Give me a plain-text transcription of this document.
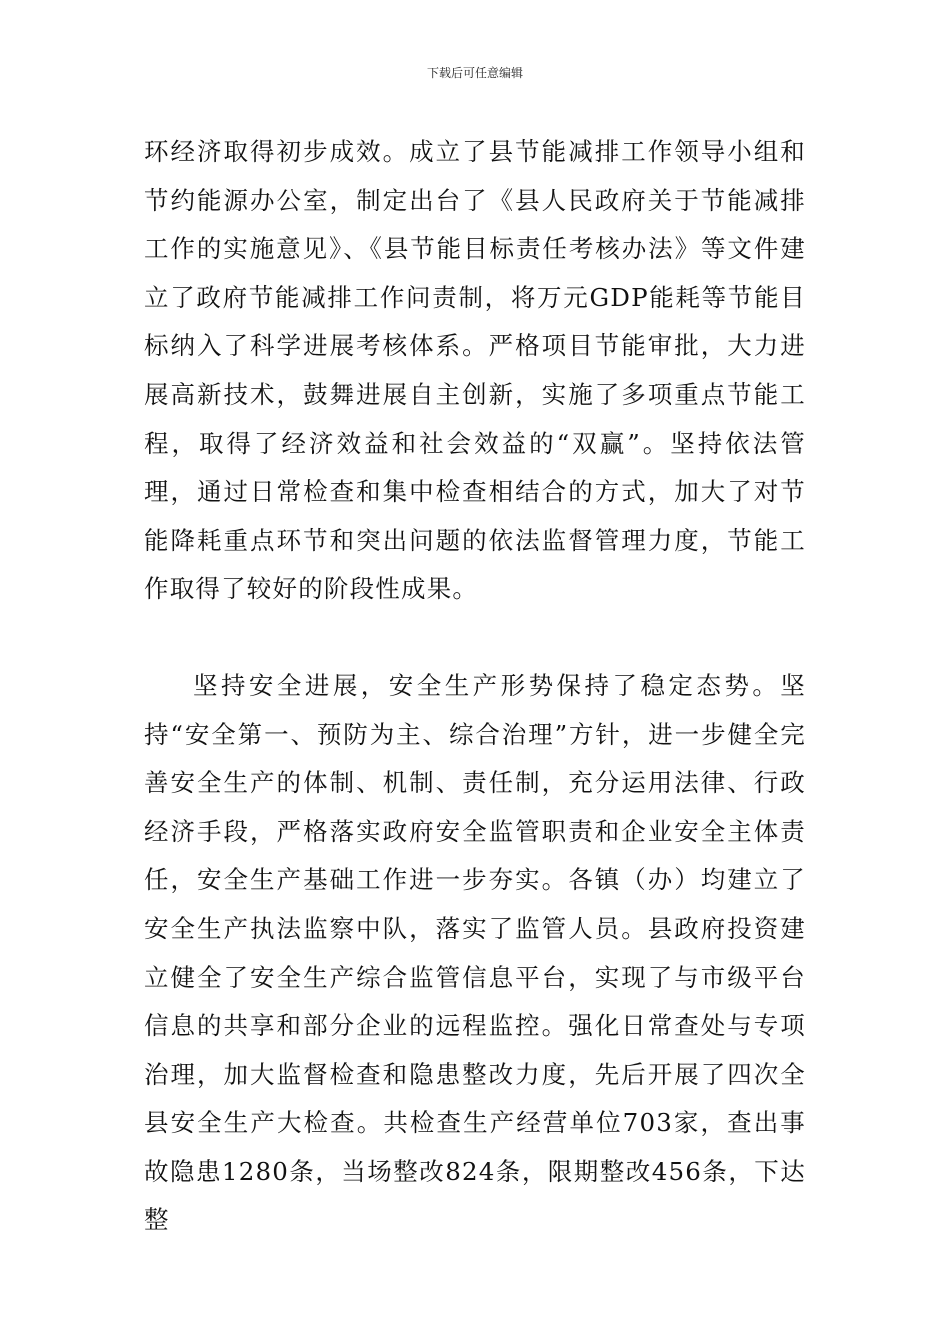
下载后可任意编辑

环经济取得初步成效。成立了县节能减排工作领导小组和节约能源办公室，制定出台了《县人民政府关于节能减排工作的实施意见》、《县节能目标责任考核办法》等文件建立了政府节能减排工作问责制，将万元GDP能耗等节能目标纳入了科学进展考核体系。严格项目节能审批，大力进展高新技术，鼓舞进展自主创新，实施了多项重点节能工程，取得了经济效益和社会效益的“双赢”。坚持依法管理，通过日常检查和集中检查相结合的方式，加大了对节能降耗重点环节和突出问题的依法监督管理力度，节能工作取得了较好的阶段性成果。

坚持安全进展，安全生产形势保持了稳定态势。坚持“安全第一、预防为主、综合治理”方针，进一步健全完善安全生产的体制、机制、责任制，充分运用法律、行政经济手段，严格落实政府安全监管职责和企业安全主体责任，安全生产基础工作进一步夯实。各镇（办）均建立了安全生产执法监察中队，落实了监管人员。县政府投资建立健全了安全生产综合监管信息平台，实现了与市级平台信息的共享和部分企业的远程监控。强化日常查处与专项治理，加大监督检查和隐患整改力度，先后开展了四次全县安全生产大检查。共检查生产经营单位703家，查出事故隐患1280条，当场整改824条，限期整改456条，下达整
